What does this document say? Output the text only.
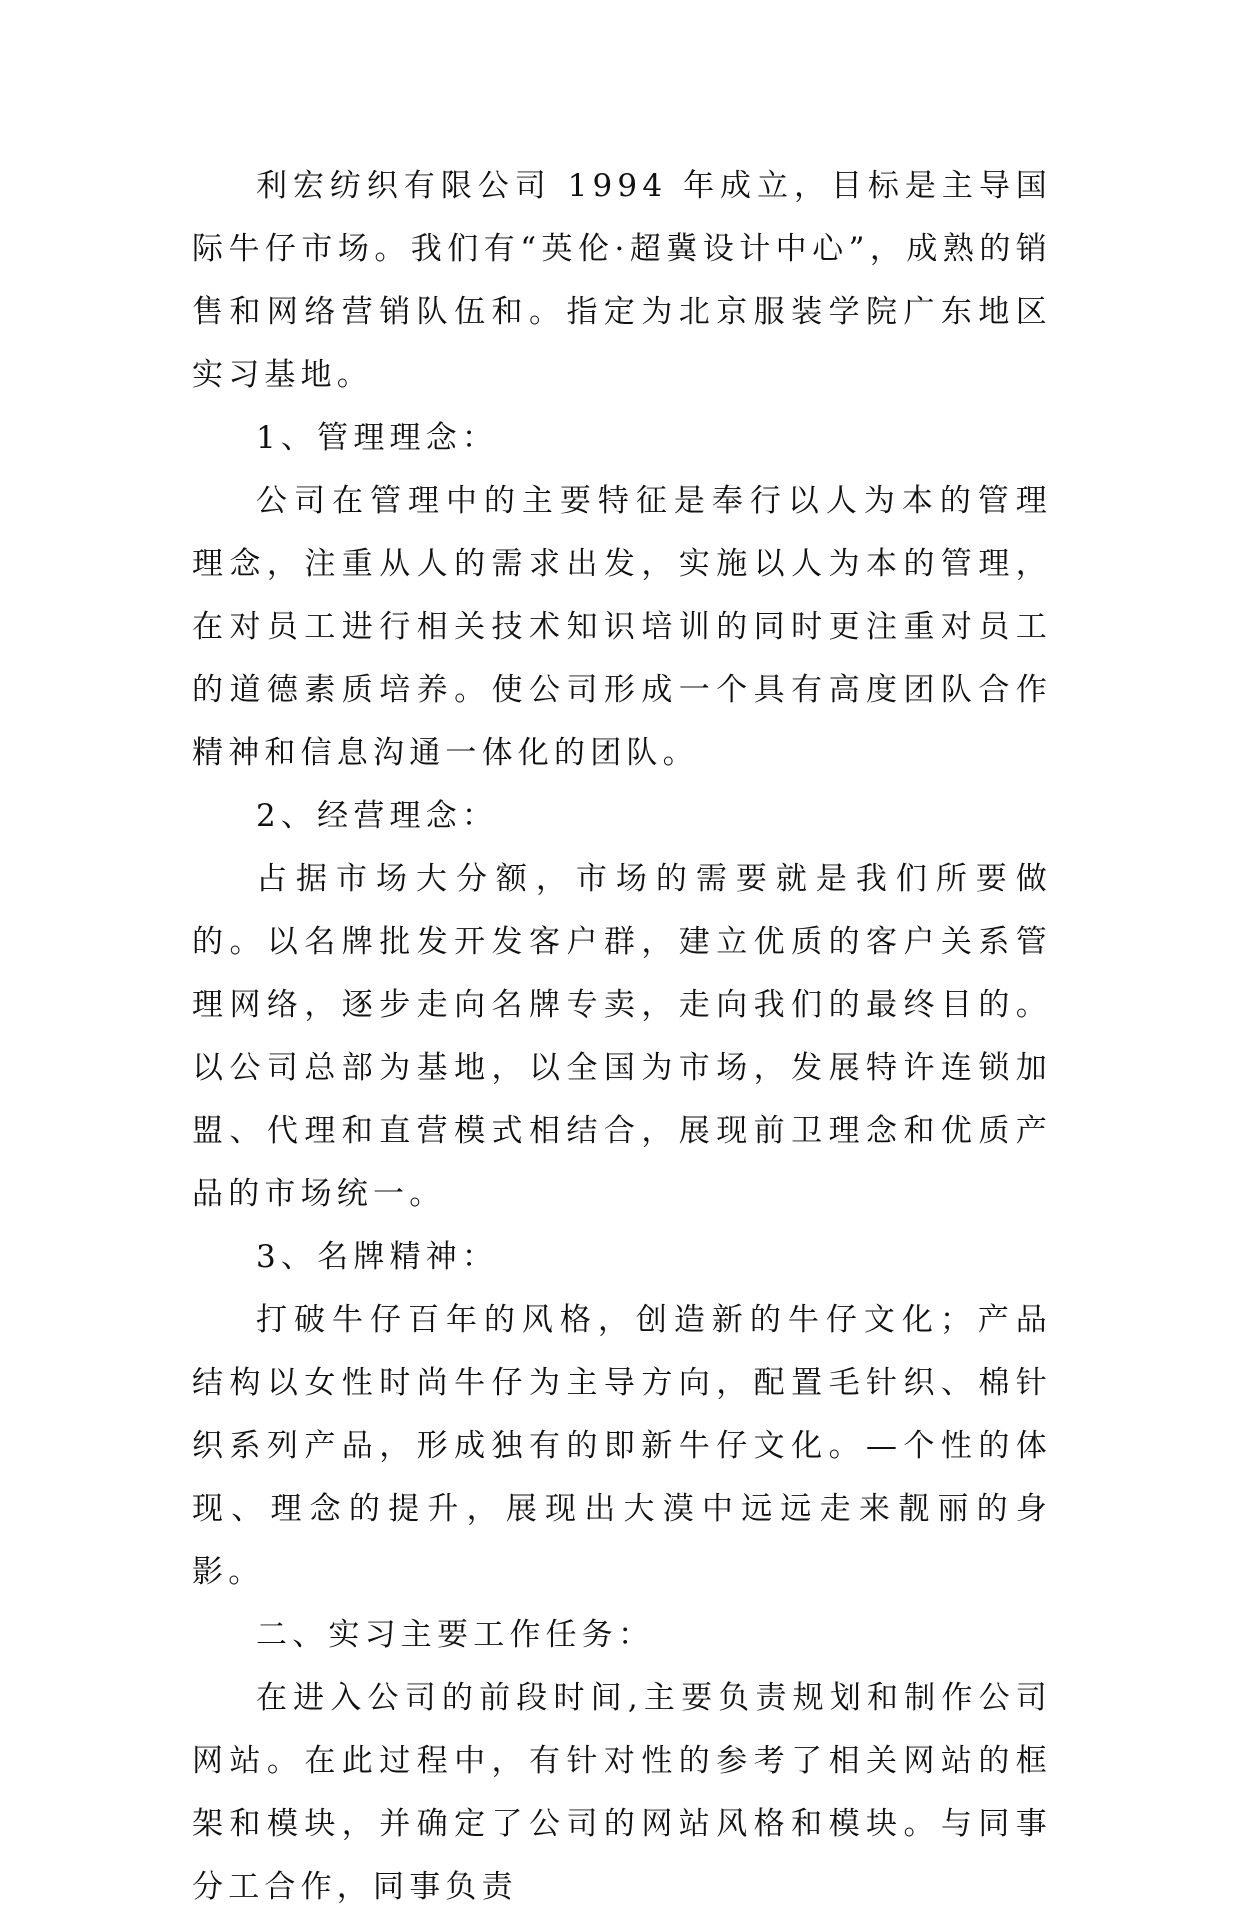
利宏纺织有限公司 1994 年成立，目标是主导国际牛仔市场。我们有“英伦·超冀设计中心”，成熟的销售和网络营销队伍和。指定为北京服装学院广东地区实习基地。

1、管理理念：

公司在管理中的主要特征是奉行以人为本的管理理念，注重从人的需求出发，实施以人为本的管理，在对员工进行相关技术知识培训的同时更注重对员工的道德素质培养。使公司形成一个具有高度团队合作精神和信息沟通一体化的团队。

2、经营理念：

占据市场大分额，市场的需要就是我们所要做的。以名牌批发开发客户群，建立优质的客户关系管理网络，逐步走向名牌专卖，走向我们的最终目的。以公司总部为基地，以全国为市场，发展特许连锁加盟、代理和直营模式相结合，展现前卫理念和优质产品的市场统一。

3、名牌精神：

打破牛仔百年的风格，创造新的牛仔文化；产品结构以女性时尚牛仔为主导方向，配置毛针织、棉针织系列产品，形成独有的即新牛仔文化。—个性的体现、理念的提升，展现出大漠中远远走来靓丽的身影。

二、实习主要工作任务：

在进入公司的前段时间,主要负责规划和制作公司网站。在此过程中，有针对性的参考了相关网站的框架和模块，并确定了公司的网站风格和模块。与同事分工合作，同事负责
